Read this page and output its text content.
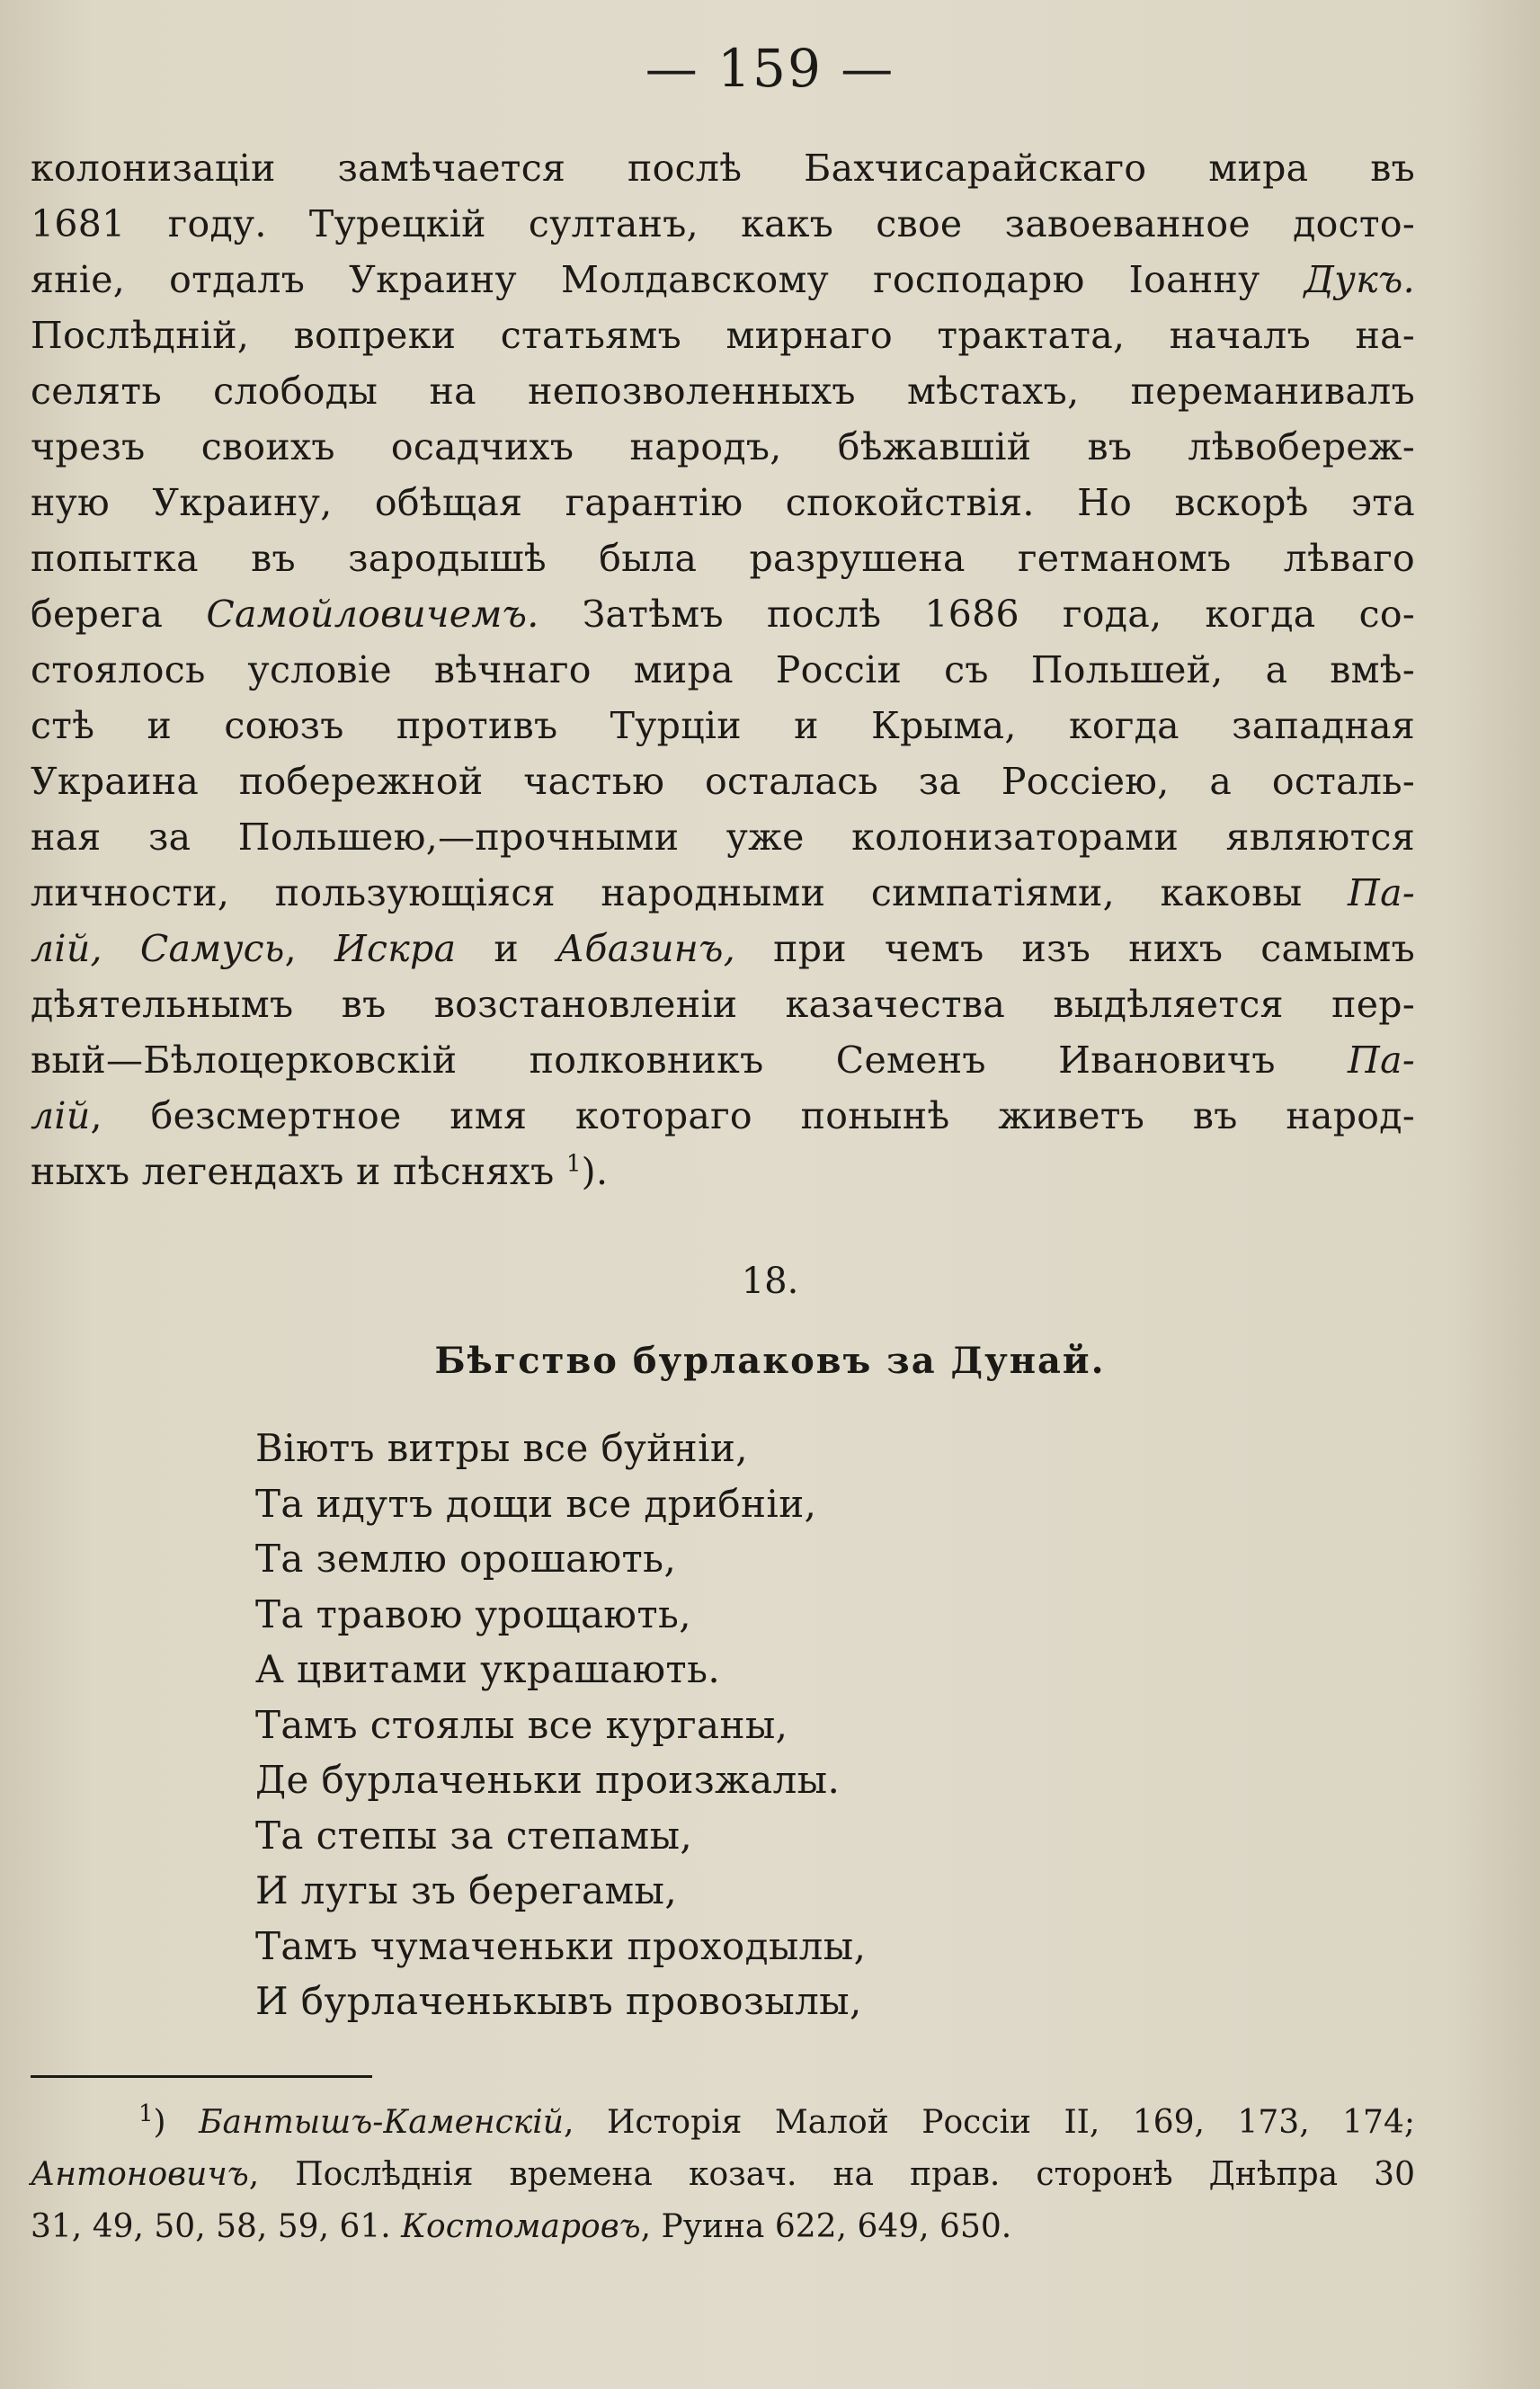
— 159 —
колонизаціи замѣчается послѣ Бахчисарайскаго мира въ
1681 году. Турецкій султанъ, какъ свое завоеванное досто-
яніе, отдалъ Украину Молдавскому господарю Іоанну Дукъ.
Послѣдній, вопреки статьямъ мирнаго трактата, началъ на-
селять слободы на непозволенныхъ мѣстахъ, переманивалъ
чрезъ своихъ осадчихъ народъ, бѣжавшій въ лѣвобереж-
ную Украину, обѣщая гарантію спокойствія. Но вскорѣ эта
попытка въ зародышѣ была разрушена гетманомъ лѣваго
берега Самойловичемъ. Затѣмъ послѣ 1686 года, когда со-
стоялось условіе вѣчнаго мира Россіи съ Польшей, а вмѣ-
стѣ и союзъ противъ Турціи и Крыма, когда западная
Украина побережной частью осталась за Россіею, а осталь-
ная за Польшею,—прочными уже колонизаторами являются
личности, пользующіяся народными симпатіями, каковы Па-
лій, Самусь, Искра и Абазинъ, при чемъ изъ нихъ самымъ
дѣятельнымъ въ возстановленіи казачества выдѣляется пер-
вый—Бѣлоцерковскій полковникъ Семенъ Ивановичъ Па-
лій, безсмертное имя котораго понынѣ живетъ въ народ-
ныхъ легендахъ и пѣсняхъ $^1$).
18.
Бѣгство бурлаковъ за Дунай.
Віютъ витры все буйніи,
Та идутъ дощи все дрибніи,
Та землю орошають,
Та травою урощають,
А цвитами украшають.
Тамъ стоялы все курганы,
Де бурлаченьки произжалы.
Та степы за степамы,
И лугы зъ берегамы,
Тамъ чумаченьки проходылы,
И бурлаченькывъ провозылы,
$^1$) Бантышъ-Каменскій, Исторія Малой Россіи II, 169, 173, 174;
Антоновичъ, Послѣднія времена козач. на прав. сторонѣ Днѣпра 30
31, 49, 50, 58, 59, 61. Костомаровъ, Руина 622, 649, 650.
